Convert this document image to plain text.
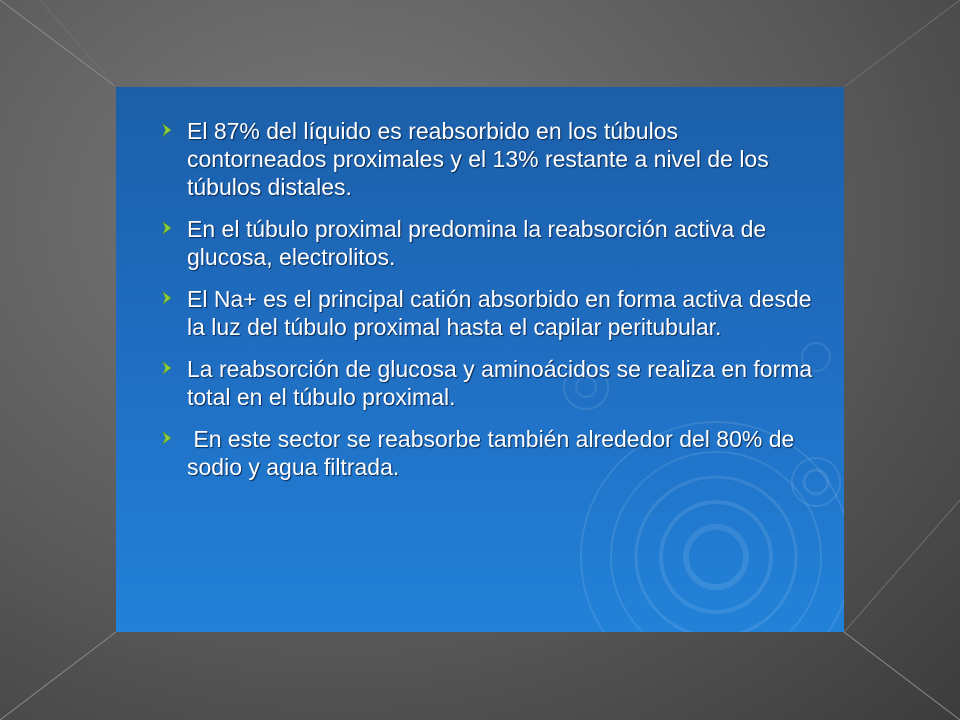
El 87% del líquido es reabsorbido en los túbulos contorneados proximales y el 13% restante a nivel de los túbulos distales.
En el túbulo proximal predomina la reabsorción activa de glucosa, electrolitos.
El Na+ es el principal catión absorbido en forma activa desde la luz del túbulo proximal hasta el capilar peritubular.
La reabsorción de glucosa y aminoácidos se realiza en forma total en el túbulo proximal.
En este sector se reabsorbe también alrededor del 80% de sodio y agua filtrada.
